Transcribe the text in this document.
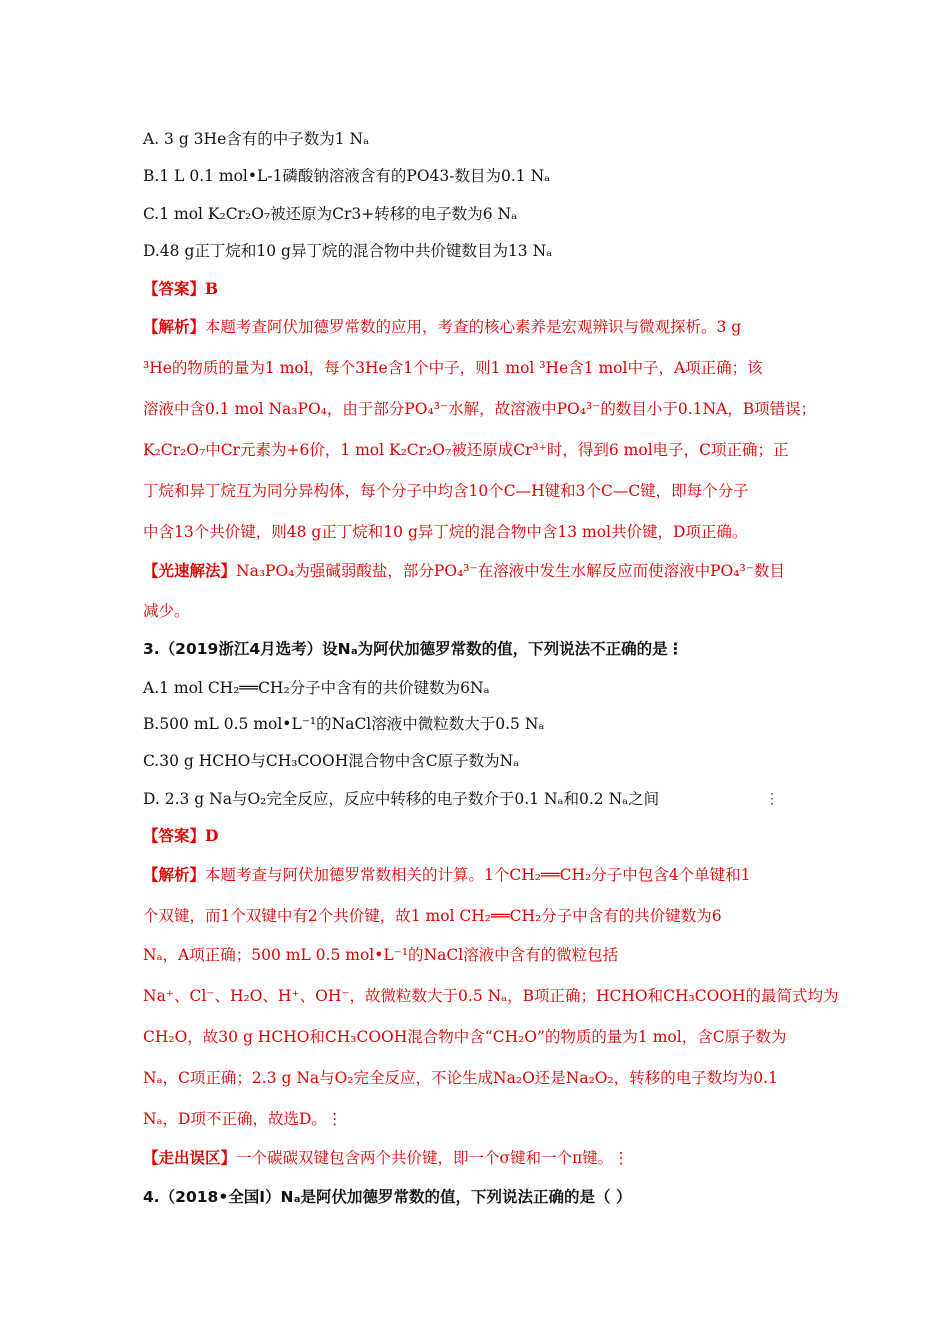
A. 3 g 3He含有的中子数为1 Nₐ
B.1 L 0.1 mol•L-1磷酸钠溶液含有的PO43-数目为0.1 Nₐ
C.1 mol K₂Cr₂O₇被还原为Cr3+转移的电子数为6 Nₐ
D.48 g正丁烷和10 g异丁烷的混合物中共价键数目为13 Nₐ
【答案】B
【解析】本题考查阿伏加德罗常数的应用，考查的核心素养是宏观辨识与微观探析。3 g
³He的物质的量为1 mol，每个3He含1个中子，则1 mol ³He含1 mol中子，A项正确；该
溶液中含0.1 mol Na₃PO₄，由于部分PO₄³⁻水解，故溶液中PO₄³⁻的数目小于0.1NA，B项错误；
K₂Cr₂O₇中Cr元素为+6价，1 mol K₂Cr₂O₇被还原成Cr³⁺时，得到6 mol电子，C项正确；正
丁烷和异丁烷互为同分异构体，每个分子中均含10个C—H键和3个C—C键，即每个分子
中含13个共价键，则48 g正丁烷和10 g异丁烷的混合物中含13 mol共价键，D项正确。
【光速解法】Na₃PO₄为强碱弱酸盐，部分PO₄³⁻在溶液中发生水解反应而使溶液中PO₄³⁻数目
减少。
3.（2019浙江4月选考）设Nₐ为阿伏加德罗常数的值，下列说法不正确的是⋮
A.1 mol CH₂══CH₂分子中含有的共价键数为6Nₐ
B.500 mL 0.5 mol•L⁻¹的NaCl溶液中微粒数大于0.5 Nₐ
C.30 g HCHO与CH₃COOH混合物中含C原子数为Nₐ
D. 2.3 g Na与O₂完全反应，反应中转移的电子数介于0.1 Nₐ和0.2 Nₐ之间	⋮
【答案】D
【解析】本题考查与阿伏加德罗常数相关的计算。1个CH₂══CH₂分子中包含4个单键和1
个双键，而1个双键中有2个共价键，故1 mol CH₂══CH₂分子中含有的共价键数为6
Nₐ，A项正确；500 mL 0.5 mol•L⁻¹的NaCl溶液中含有的微粒包括
Na⁺、Cl⁻、H₂O、H⁺、OH⁻，故微粒数大于0.5 Nₐ，B项正确；HCHO和CH₃COOH的最简式均为
CH₂O，故30 g HCHO和CH₃COOH混合物中含“CH₂O”的物质的量为1 mol，含C原子数为
Nₐ，C项正确；2.3 g Na与O₂完全反应，不论生成Na₂O还是Na₂O₂，转移的电子数均为0.1
Nₐ，D项不正确，故选D。⋮
【走出误区】一个碳碳双键包含两个共价键，即一个σ键和一个π键。⋮
4.（2018•全国I）Nₐ是阿伏加德罗常数的值，下列说法正确的是（ ）
